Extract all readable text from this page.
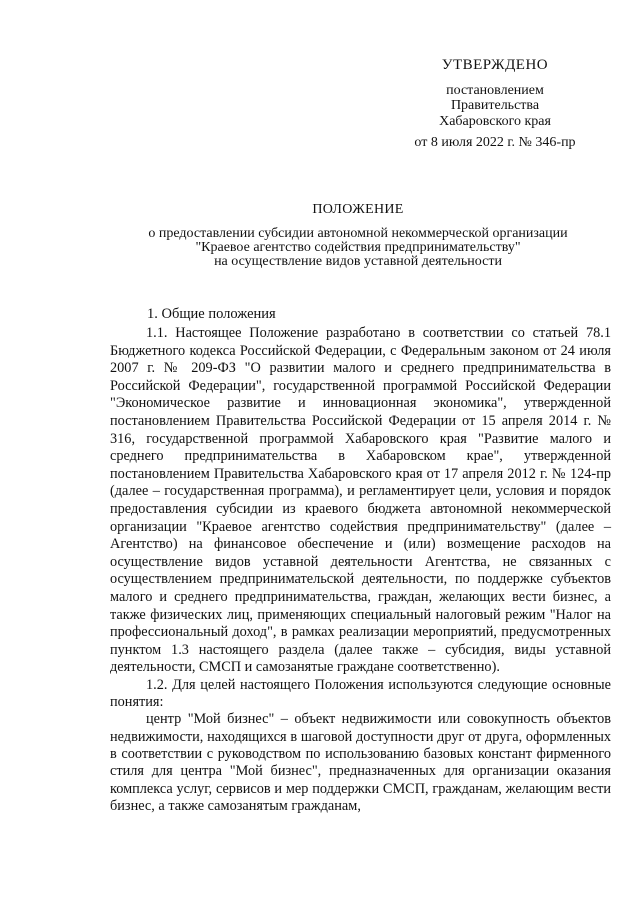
УТВЕРЖДЕНО
постановлением
Правительства
Хабаровского края
от 8 июля 2022 г. № 346-пр
ПОЛОЖЕНИЕ
о предоставлении субсидии автономной некоммерческой организации
"Краевое агентство содействия предпринимательству"
на осуществление видов уставной деятельности
1. Общие положения

1.1. Настоящее Положение разработано в соответствии со статьей 78.1 Бюджетного кодекса Российской Федерации, с Федеральным законом от 24 июля 2007 г. № 209-ФЗ "О развитии малого и среднего предпринимательства в Российской Федерации", государственной программой Российской Федерации "Экономическое развитие и инновационная экономика", утвержденной постановлением Правительства Российской Федерации от 15 апреля 2014 г. № 316, государственной программой Хабаровского края "Развитие малого и среднего предпринимательства в Хабаровском крае", утвержденной постановлением Правительства Хабаровского края от 17 апреля 2012 г. № 124-пр (далее – государственная программа), и регламентирует цели, условия и порядок предоставления субсидии из краевого бюджета автономной некоммерческой организации "Краевое агентство содействия предпринимательству" (далее – Агентство) на финансовое обеспечение и (или) возмещение расходов на осуществление видов уставной деятельности Агентства, не связанных с осуществлением предпринимательской деятельности, по поддержке субъектов малого и среднего предпринимательства, граждан, желающих вести бизнес, а также физических лиц, применяющих специальный налоговый режим "Налог на профессиональный доход", в рамках реализации мероприятий, предусмотренных пунктом 1.3 настоящего раздела (далее также – субсидия, виды уставной деятельности, СМСП и самозанятые граждане соответственно).

1.2. Для целей настоящего Положения используются следующие основные понятия:

центр "Мой бизнес" – объект недвижимости или совокупность объектов недвижимости, находящихся в шаговой доступности друг от друга, оформленных в соответствии с руководством по использованию базовых констант фирменного стиля для центра "Мой бизнес", предназначенных для организации оказания комплекса услуг, сервисов и мер поддержки СМСП, гражданам, желающим вести бизнес, а также самозанятым гражданам,
